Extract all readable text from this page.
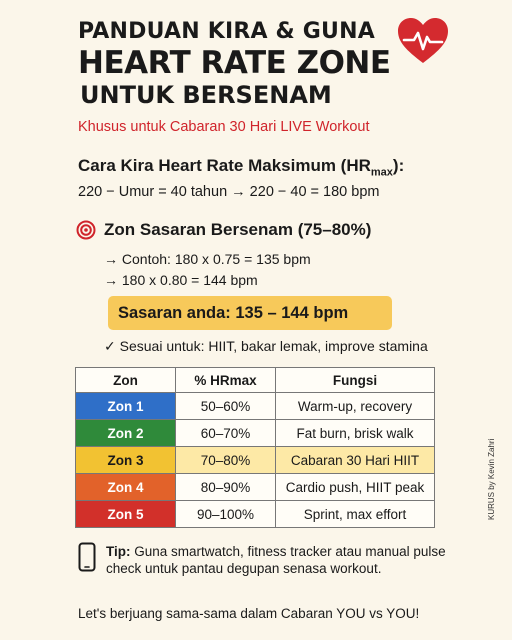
PANDUAN KIRA & GUNA
HEART RATE ZONE
UNTUK BERSENAM
Khusus untuk Cabaran 30 Hari LIVE Workout
Cara Kira Heart Rate Maksimum $(HR_{max})$:
220 − Umur = 40 tahun → 220 − 40 = 180 bpm
Zon Sasaran Bersenam (75–80%)
→ Contoh: 180 x 0.75 = 135 bpm
→ 180 x 0.80 = 144 bpm
Sasaran anda: 135 – 144 bpm
✓ Sesuai untuk: HIIT, bakar lemak, improve stamina
Zon	% HRmax	Fungsi
Zon 1	50–60%	Warm-up, recovery
Zon 2	60–70%	Fat burn, brisk walk
Zon 3	70–80%	Cabaran 30 Hari HIIT
Zon 4	80–90%	Cardio push, HIIT peak
Zon 5	90–100%	Sprint, max effort
Tip: Guna smartwatch, fitness tracker atau manual pulse check untuk pantau degupan senasa workout.
Let's berjuang sama-sama dalam Cabaran YOU vs YOU!
KURUS by Kevin Zahri
